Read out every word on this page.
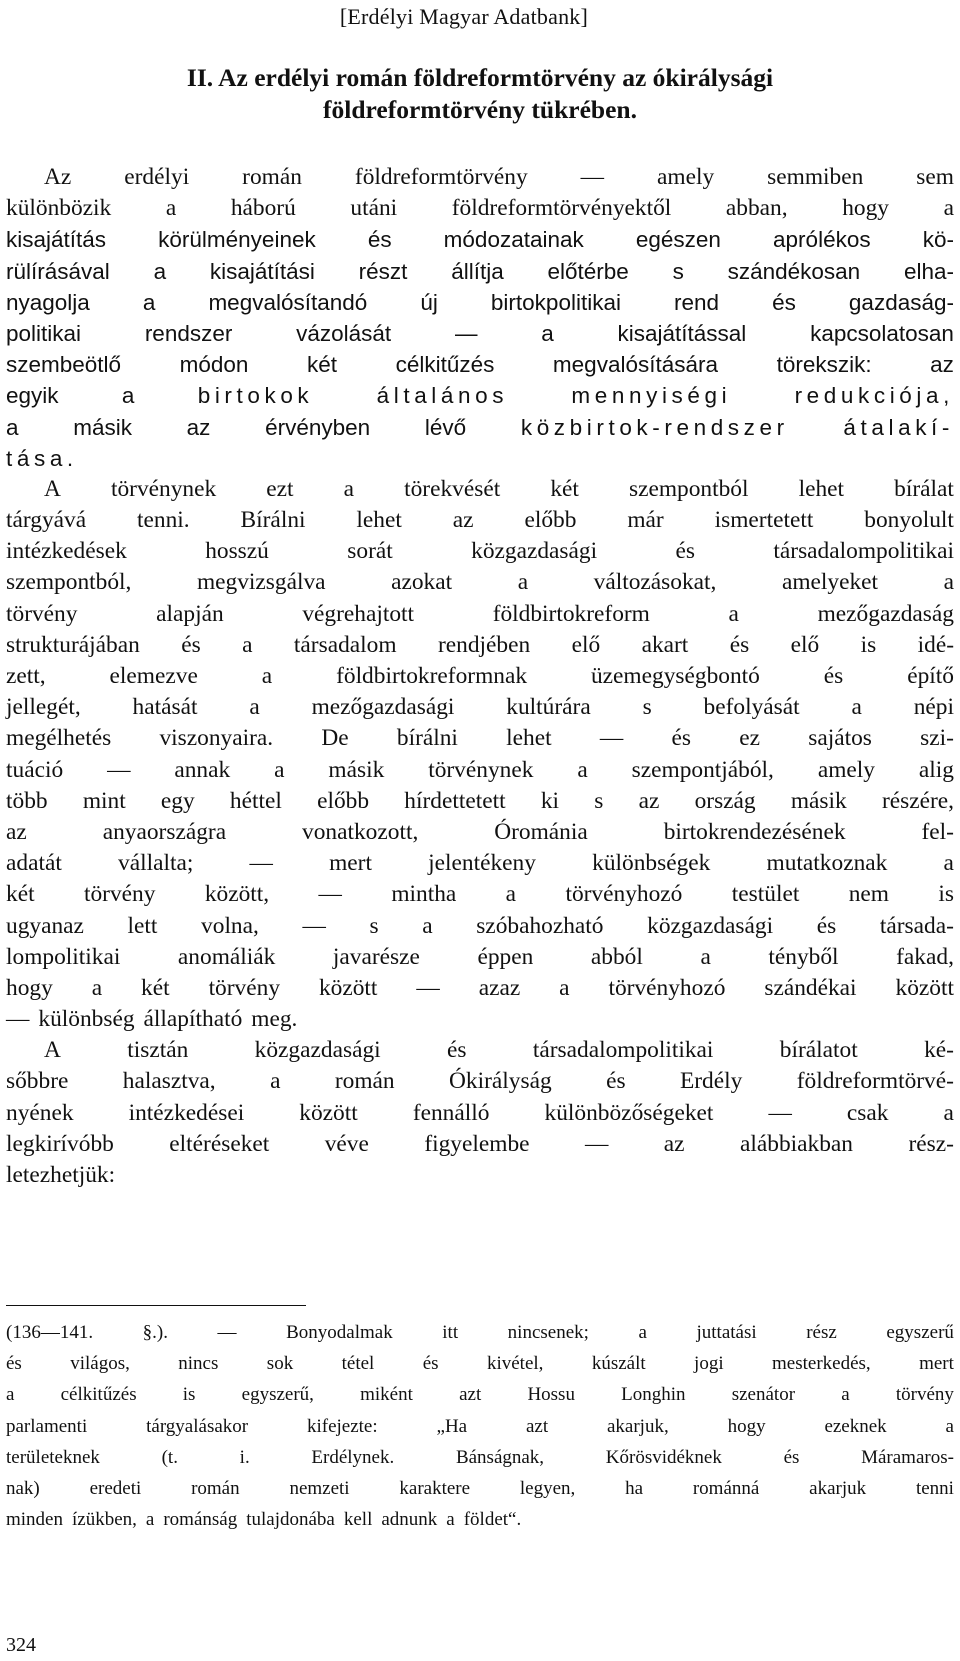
[Erdélyi Magyar Adatbank]
II. Az erdélyi román földreformtörvény az ókirálysági
földreformtörvény tükrében.
Az erdélyi román földreformtörvény — amely semmiben sem
különbözik a háború utáni földreformtörvényektől abban, hogy a
kisajátítás körülményeinek és módozatainak egészen aprólékos kö-
rülírásával a kisajátítási részt állítja előtérbe s szándékosan elha-
nyagolja a megvalósítandó új birtokpolitikai rend és gazdaság-
politikai	rendszer	vázolását	—	a	kisajátítással	kapcsolatosan
szembeötlő	módon	két	célkitűzés	megvalósítására	törekszik:	az
egyik	a	birtokok	általános	mennyiségi	redukciója,
a másik az érvényben lévő közbirtok-rendszer átalakí-
tása.
A törvénynek ezt a törekvését két szempontból lehet bírálat
tárgyává tenni. Bírálni lehet az előbb már ismertetett bonyolult
intézkedések	hosszú	sorát	közgazdasági	és	társadalompolitikai
szempontból,	megvizsgálva	azokat	a	változásokat,	amelyeket	a
törvény	alapján	végrehajtott	földbirtokreform	a	mezőgazdaság
strukturájában és a társadalom rendjében elő akart és elő is idé-
zett,	elemezve	a	földbirtokreformnak	üzemegységbontó	és	építő
jellegét, hatását a mezőgazdasági kultúrára s befolyását a népi
megélhetés viszonyaira. De bírálni lehet — és ez sajátos szi-
tuáció — annak a másik törvénynek a szempontjából, amely alig
több mint egy héttel előbb hírdettetett ki s az ország másik részére,
az	anyaországra	vonatkozott,	Órománia	birtokrendezésének	fel-
adatát vállalta; — mert jelentékeny különbségek mutatkoznak a
két törvény között, — mintha a törvényhozó testület nem is
ugyanaz lett volna, — s a szóbahozható közgazdasági és társada-
lompolitikai anomáliák javarésze éppen abból a tényből fakad,
hogy a két törvény között — azaz a törvényhozó szándékai között
— különbség állapítható meg.
A	tisztán	közgazdasági	és	társadalompolitikai	bírálatot	ké-
sőbbre halasztva, a román Ókirályság és Erdély földreformtörvé-
nyének intézkedései között fennálló különbözőségeket — csak a
legkirívóbb eltéréseket véve figyelembe — az alábbiakban rész-
letezhetjük:
(136—141.	§.).	—	Bonyodalmak	itt	nincsenek;	a	juttatási	rész	egyszerű
és	világos,	nincs	sok	tétel	és	kivétel,	kúszált	jogi	mesterkedés,	mert
a célkitűzés is egyszerű, miként azt Hossu Longhin szenátor a törvény
parlamenti	tárgyalásakor	kifejezte:	„Ha	azt	akarjuk,	hogy	ezeknek	a
területeknek	(t.	i.	Erdélynek.	Bánságnak,	Kőrösvidéknek	és	Máramaros-
nak)	eredeti	román	nemzeti	karaktere	legyen,	ha	románná	akarjuk	tenni
minden ízükben, a románság tulajdonába kell adnunk a földet“.
324
